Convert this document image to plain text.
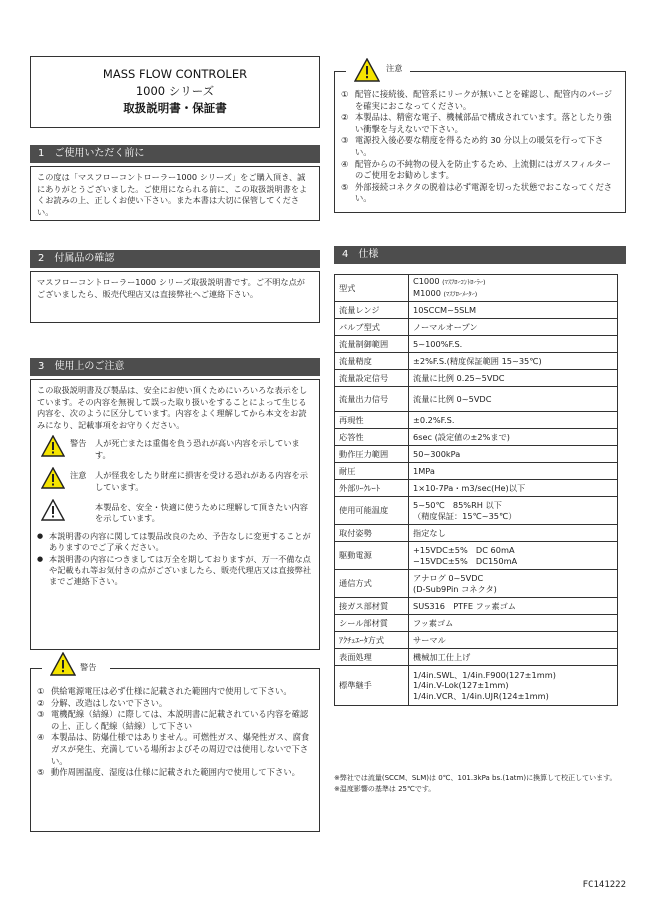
MASS FLOW CONTROLER
1000 シリーズ
取扱説明書・保証書
1　ご使用いただく前に
この度は「マスフローコントローラー1000 シリーズ」をご購入頂き、誠にありがとうございました。ご使用になられる前に、この取扱説明書をよくお読みの上、正しくお使い下さい。また本書は大切に保管してください。
2　付属品の確認
マスフローコントローラー1000 シリーズ取扱説明書です。ご不明な点がございましたら、販売代理店又は直接弊社へご連絡下さい。
3　使用上のご注意
この取扱説明書及び製品は、安全にお使い頂くためにいろいろな表示をしています。その内容を無視して誤った取り扱いをすることによって生じる内容を、次のように区分しています。内容をよく理解してから本文をお読みになり、記載事項をお守りください。
警告	人が死亡または重傷を負う恐れが高い内容を示しています。
注意	人が怪我をしたり財産に損害を受ける恐れがある内容を示しています。
本製品を、安全・快適に使うために理解して頂きたい内容を示しています。
● 本説明書の内容に関しては製品改良のため、予告なしに変更することがありますのでご了承ください。
● 本説明書の内容につきましては万全を期しておりますが、万一不備な点や記載もれ等お気付きの点がございましたら、販売代理店又は直接弊社までご連絡下さい。
① 供給電源電圧は必ず仕様に記載された範囲内で使用して下さい。
② 分解、改造はしないで下さい。
③ 電機配線（結線）に際しては、本説明書に記載されている内容を確認の上、正しく配線（結線）して下さい
④ 本製品は、防爆仕様ではありません。可燃性ガス、爆発性ガス、腐食ガスが発生、充満している場所およびその周辺では使用しないで下さい。
⑤ 動作周囲温度、湿度は仕様に記載された範囲内で使用して下さい。
警告
① 配管に接続後、配管系にリークが無いことを確認し、配管内のパージを確実におこなってください。
② 本製品は、精密な電子、機械部品で構成されています。落としたり強い衝撃を与えないで下さい。
③ 電源投入後必要な精度を得るため約 30 分以上の暖気を行って下さい。
④ 配管からの不純物の侵入を防止するため、上流側にはガスフィルターのご使用をお勧めします。
⑤ 外部接続コネクタの脱着は必ず電源を切った状態でおこなってください。
注意
4　仕様
型式	C1000 (ﾏｽﾌﾛｰｺﾝﾄﾛｰﾗｰ)
M1000 (ﾏｽﾌﾛｰﾒｰﾀｰ)

流量レンジ	10SCCM~5SLM
バルブ型式	ノーマルオープン
流量制御範囲	5~100%F.S.
流量精度	±2%F.S.(精度保証範囲 15~35℃)
流量設定信号	流量に比例 0.25~5VDC
流量出力信号	流量に比例 0~5VDC
再現性	±0.2%F.S.
応答性	6sec (設定値の±2%まで)
動作圧力範囲	50~300kPa
耐圧	1MPa
外部ﾘｰｸﾚｰﾄ	1×10-7Pa・m3/sec(He)以下
使用可能温度	5~50℃　85%RH 以下
（精度保証：15℃~35℃）

取付姿勢	指定なし
駆動電源	+15VDC±5%　DC 60mA
−15VDC±5%　DC150mA

通信方式	アナログ 0~5VDC
(D-Sub9Pin コネクタ)

接ガス部材質	SUS316　PTFE フッ素ゴム
シール部材質	フッ素ゴム
ｱｸﾁｭｴｰﾀ方式	サーマル
表面処理	機械加工仕上げ
標準継手	1/4in.SWL、1/4in.F900(127±1mm)
1/4in.V-Lok(127±1mm)
1/4in.VCR、1/4in.UJR(124±1mm)
※弊社では流量(SCCM、SLM)は 0℃、101.3kPa bs.(1atm)に換算して校正しています。
※温度影響の基準は 25℃です。
FC141222
